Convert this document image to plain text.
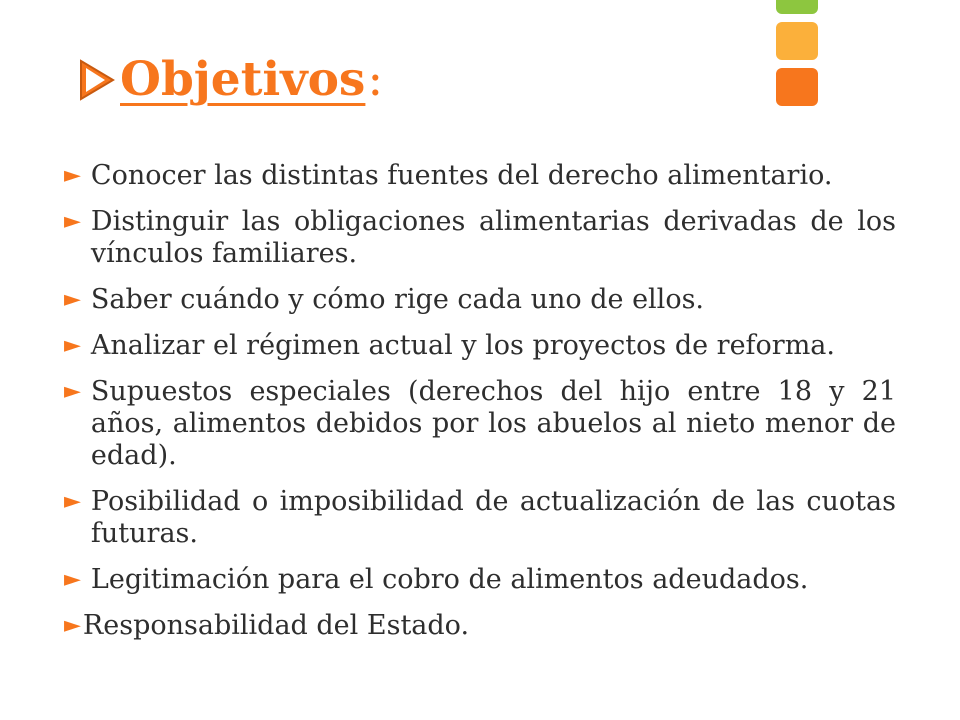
Objetivos :
► Conocer las distintas fuentes del derecho alimentario.
► Distinguir las obligaciones alimentarias derivadas de los vínculos familiares.
► Saber cuándo y cómo rige cada uno de ellos.
► Analizar el régimen actual y los proyectos de reforma.
► Supuestos especiales (derechos del hijo entre 18 y 21 años, alimentos debidos por los abuelos al nieto menor de edad).
► Posibilidad o imposibilidad de actualización de las cuotas futuras.
► Legitimación para el cobro de alimentos adeudados.
► Responsabilidad del Estado.
